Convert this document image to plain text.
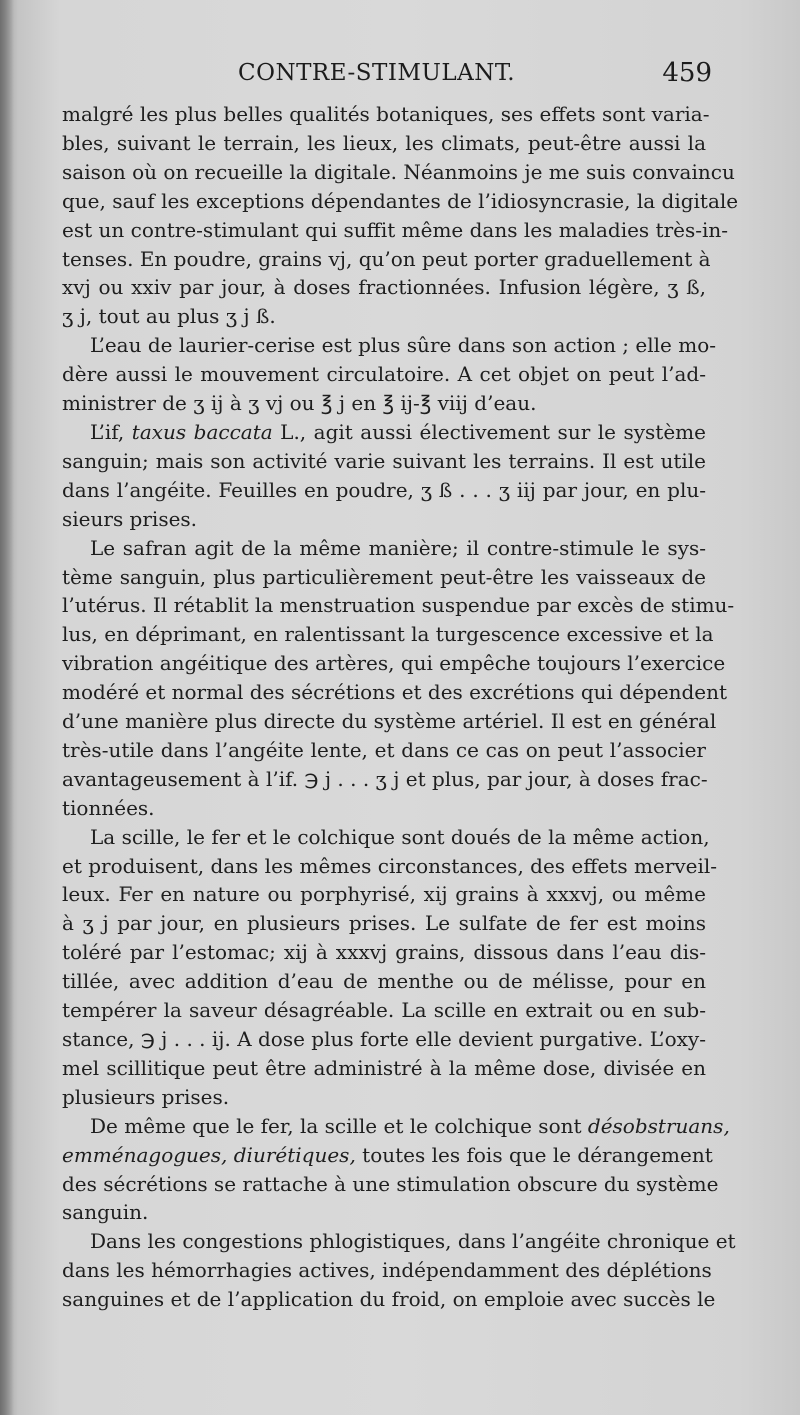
CONTRE-STIMULANT.	459

malgré les plus belles qualités botaniques, ses effets sont varia-
bles, suivant le terrain, les lieux, les climats, peut-être aussi la
saison où on recueille la digitale. Néanmoins je me suis convaincu
que, sauf les exceptions dépendantes de l’idiosyncrasie, la digitale
est un contre-stimulant qui suffit même dans les maladies très-in-
tenses. En poudre, grains vj, qu’on peut porter graduellement à
xvj ou xxiv par jour, à doses fractionnées. Infusion légère, ʒ ß,
ʒ j, tout au plus ʒ j ß.

L’eau de laurier-cerise est plus sûre dans son action ; elle mo-
dère aussi le mouvement circulatoire. A cet objet on peut l’ad-
ministrer de ʒ ij à ʒ vj ou ℥ j en ℥ ij-℥ viij d’eau.

L’if, taxus baccata L., agit aussi électivement sur le système
sanguin; mais son activité varie suivant les terrains. Il est utile
dans l’angéite. Feuilles en poudre, ʒ ß . . . ʒ iij par jour, en plu-
sieurs prises.

Le safran agit de la même manière; il contre-stimule le sys-
tème sanguin, plus particulièrement peut-être les vaisseaux de
l’utérus. Il rétablit la menstruation suspendue par excès de stimu-
lus, en déprimant, en ralentissant la turgescence excessive et la
vibration angéitique des artères, qui empêche toujours l’exercice
modéré et normal des sécrétions et des excrétions qui dépendent
d’une manière plus directe du système artériel. Il est en général
très-utile dans l’angéite lente, et dans ce cas on peut l’associer
avantageusement à l’if. ℈ j . . . ʒ j et plus, par jour, à doses frac-
tionnées.

La scille, le fer et le colchique sont doués de la même action,
et produisent, dans les mêmes circonstances, des effets merveil-
leux. Fer en nature ou porphyrisé, xij grains à xxxvj, ou même
à ʒ j par jour, en plusieurs prises. Le sulfate de fer est moins
toléré par l’estomac; xij à xxxvj grains, dissous dans l’eau dis-
tillée, avec addition d’eau de menthe ou de mélisse, pour en
tempérer la saveur désagréable. La scille en extrait ou en sub-
stance, ℈ j . . . ij. A dose plus forte elle devient purgative. L’oxy-
mel scillitique peut être administré à la même dose, divisée en
plusieurs prises.

De même que le fer, la scille et le colchique sont désobstruans,
emménagogues, diurétiques, toutes les fois que le dérangement
des sécrétions se rattache à une stimulation obscure du système
sanguin.

Dans les congestions phlogistiques, dans l’angéite chronique et
dans les hémorrhagies actives, indépendamment des déplétions
sanguines et de l’application du froid, on emploie avec succès le
